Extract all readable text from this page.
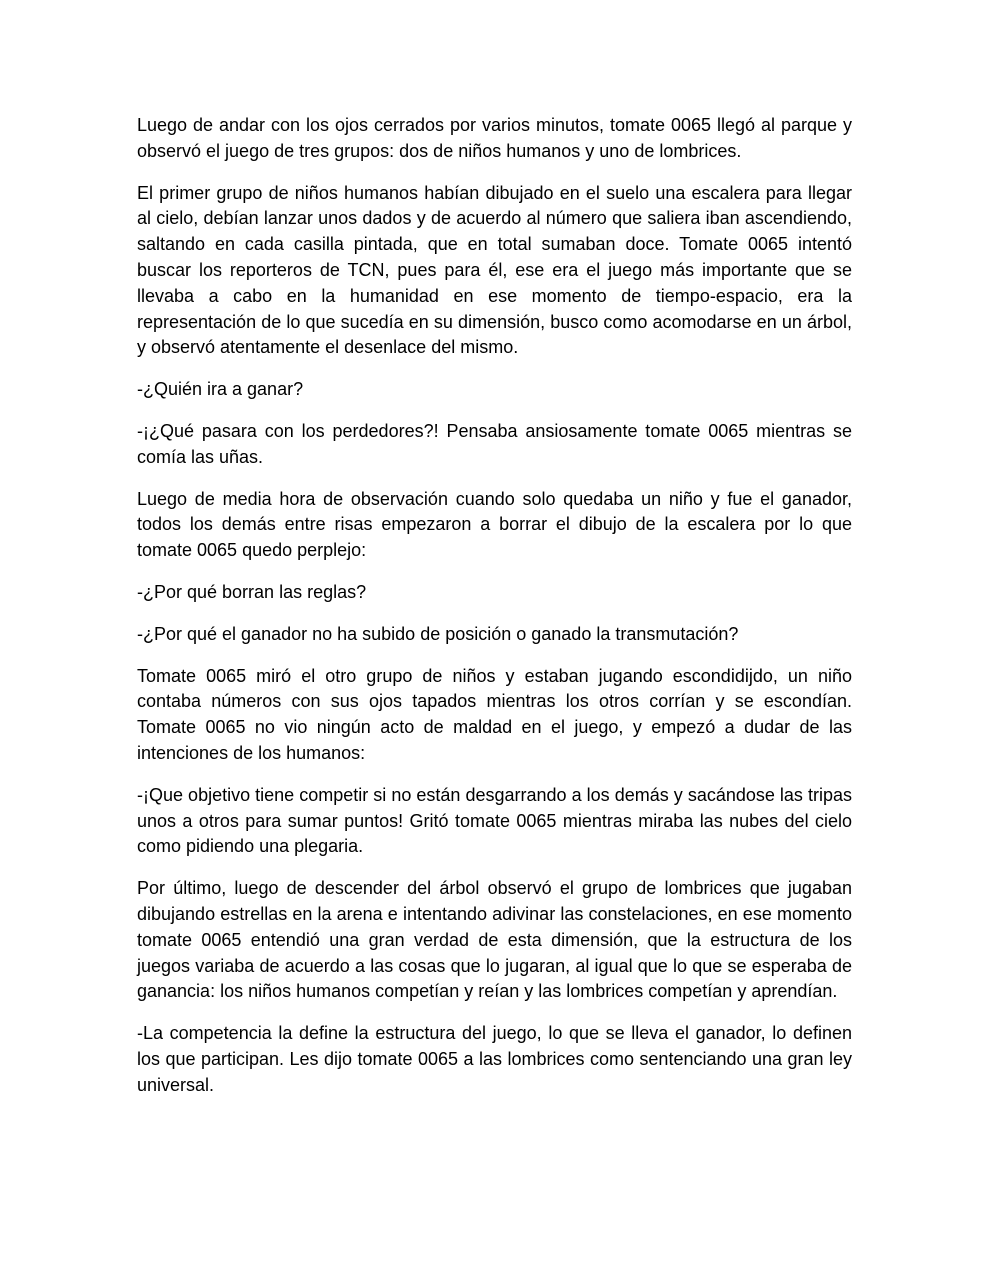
Luego de andar con los ojos cerrados por varios minutos, tomate 0065 llegó al parque y observó el juego de tres grupos: dos de niños humanos y uno de lombrices.

El primer grupo de niños humanos habían dibujado en el suelo una escalera para llegar al cielo, debían lanzar unos dados y de acuerdo al número que saliera iban ascendiendo, saltando en cada casilla pintada, que en total sumaban doce. Tomate 0065 intentó buscar los reporteros de TCN, pues para él, ese era el juego más importante que se llevaba a cabo en la humanidad en ese momento de tiempo-espacio, era la representación de lo que sucedía en su dimensión, busco como acomodarse en un árbol, y observó atentamente el desenlace del mismo.

-¿Quién ira a ganar?

-¡¿Qué pasara con los perdedores?! Pensaba ansiosamente tomate 0065 mientras se comía las uñas.

Luego de media hora de observación cuando solo quedaba un niño y fue el ganador, todos los demás entre risas empezaron a borrar el dibujo de la escalera por lo que tomate 0065 quedo perplejo:

-¿Por qué borran las reglas?

-¿Por qué el ganador no ha subido de posición o ganado la transmutación?

Tomate 0065 miró el otro grupo de niños y estaban jugando escondidijdo, un niño contaba números con sus ojos tapados mientras los otros corrían y se escondían. Tomate 0065 no vio ningún acto de maldad en el juego, y empezó a dudar de las intenciones de los humanos:

-¡Que objetivo tiene competir si no están desgarrando a los demás y sacándose las tripas unos a otros para sumar puntos! Gritó tomate 0065 mientras miraba las nubes del cielo como pidiendo una plegaria.

Por último, luego de descender del árbol observó el grupo de lombrices que jugaban dibujando estrellas en la arena e intentando adivinar las constelaciones, en ese momento tomate 0065 entendió una gran verdad de esta dimensión, que la estructura de los juegos variaba de acuerdo a las cosas que lo jugaran, al igual que lo que se esperaba de ganancia: los niños humanos competían y reían y las lombrices competían y aprendían.

-La competencia la define la estructura del juego, lo que se lleva el ganador, lo definen los que participan. Les dijo tomate 0065 a las lombrices como sentenciando una gran ley universal.
